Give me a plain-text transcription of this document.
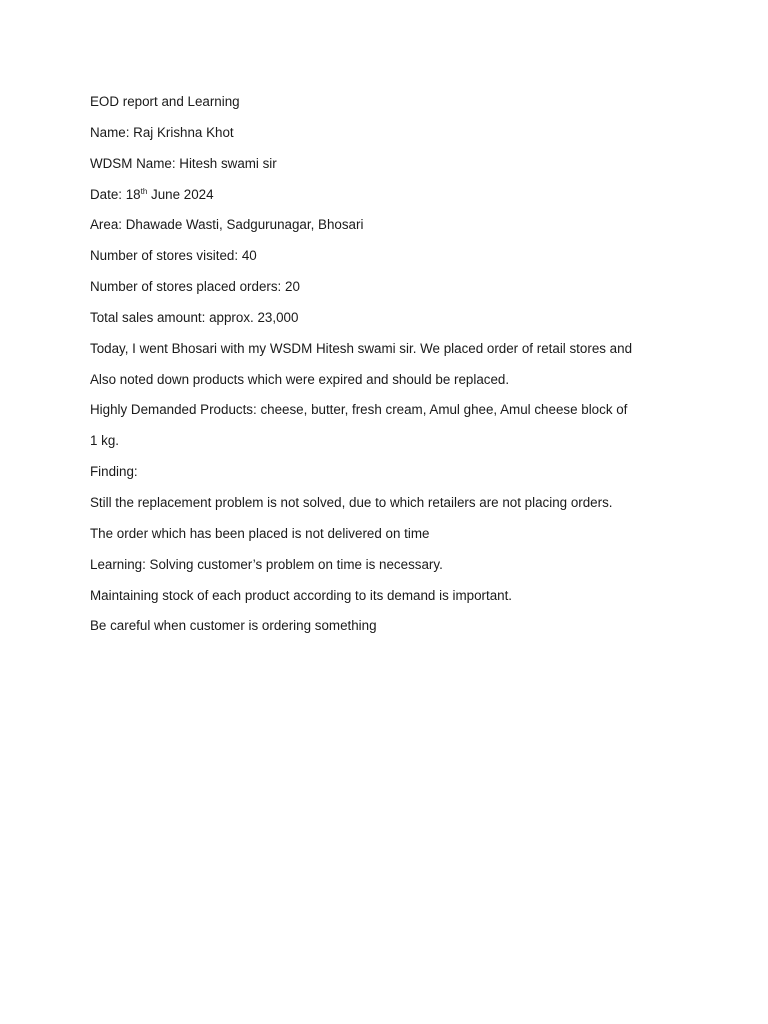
EOD report and Learning
Name: Raj Krishna Khot
WDSM Name: Hitesh swami sir
Date: 18th June 2024
Area: Dhawade Wasti, Sadgurunagar, Bhosari
Number of stores visited: 40
Number of stores placed orders: 20
Total sales amount: approx. 23,000
Today, I went Bhosari with my WSDM Hitesh swami sir. We placed order of retail stores and
Also noted down products which were expired and should be replaced.
Highly Demanded Products: cheese, butter, fresh cream, Amul ghee, Amul cheese block of
1 kg.
Finding:
Still the replacement problem is not solved, due to which retailers are not placing orders.
The order which has been placed is not delivered on time
Learning: Solving customer’s problem on time is necessary.
Maintaining stock of each product according to its demand is important.
Be careful when customer is ordering something
